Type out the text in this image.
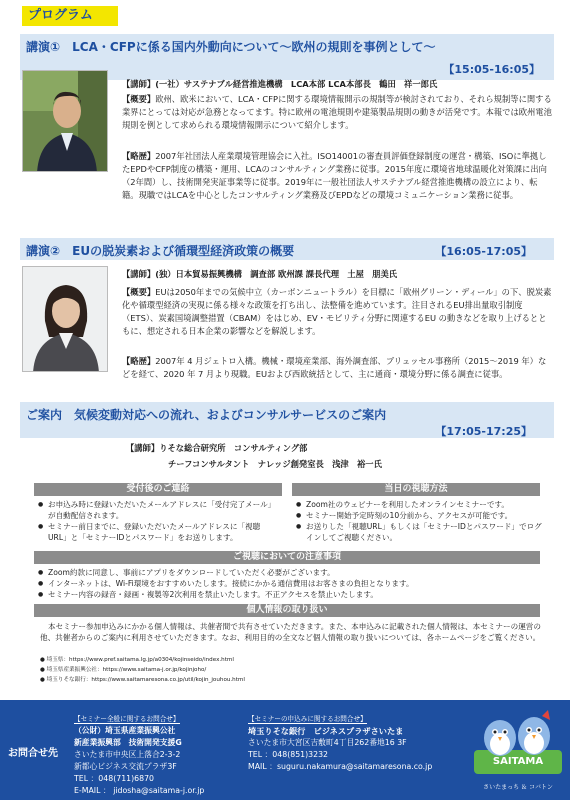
プログラム
講演①　LCA・CFPに係る国内外動向について～欧州の規則を事例として～
【15:05-16:05】
【講師】(一社）サステナブル経営推進機構　LCA本部 LCA本部長　鶴田　祥一郎氏
【概要】欧州、欧米において、LCA・CFPに関する環境情報開示の規制等が検討されており、それら規制等に関する業界にとっては対応が急務となってます。特に欧州の電池規則や建築製品規則の動きが活発です。本報では欧州電池規則を例として求められる環境情報開示について紹介します。
【略歴】2007年社団法人産業環境管理協会に入社。ISO14001の審査員評価登録制度の運営・構築、ISOに準拠したEPDやCFP制度の構築・運用、LCAのコンサルティング業務に従事。2015年度に環境省地球温暖化対策課に出向（2年間）し、技術開発実証事業等に従事。2019年に一般社団法人サステナブル経営推進機構の設立により、転籍。現職ではLCAを中心としたコンサルティング業務及びEPDなどの環境コミュニケーション業務に従事。
講演②　EUの脱炭素および循環型経済政策の概要	【16:05-17:05】
【講師】(独）日本貿易振興機構　調査部 欧州課 課長代理　土屋　朋美氏
【概要】EUは2050年までの気候中立（カーボンニュートラル）を目標に「欧州グリーン・ディール」の下、脱炭素化や循環型経済の実現に係る様々な政策を打ち出し、法整備を進めています。注目されるEU排出量取引制度（ETS）、炭素国境調整措置（CBAM）をはじめ、EV・モビリティ分野に関連するEU の動きなどを取り上げるとともに、想定される日本企業の影響などを解説します。
【略歴】2007年 4 月ジェトロ入構。機械・環境産業部、海外調査部、ブリュッセル事務所（2015～2019 年）などを経て、2020 年 7 月より現職。EUおよび西欧統括として、主に通商・環境分野に係る調査に従事。
ご案内　気候変動対応への流れ、およびコンサルサービスのご案内
【17:05-17:25】
【講師】りそな総合研究所　コンサルティング部
チーフコンサルタント　ナレッジ創発室長　浅津　裕一氏
受付後のご連絡
● お申込み時に登録いただいたメールアドレスに「受付完了メール」が自動配信されます。
● セミナー前日までに、登録いただいたメールアドレスに「視聴 URL」と「セミナーIDとパスワード」をお送りします。
当日の視聴方法
● Zoom社のウェビナーを利用したオンラインセミナーです。
● セミナー開始予定時刻の10分前から、アクセスが可能です。
● お送りした「視聴URL」もしくは「セミナーIDとパスワード」でログインしてご視聴ください。
ご視聴においての注意事項
● Zoom約款に同意し、事前にアプリをダウンロードしていただく必要がございます。
● インターネットは、Wi-Fi環境をおすすめいたします。接続にかかる通信費用はお客さまの負担となります。
● セミナー内容の録音・録画・複製等2次利用を禁止いたします。不正アクセスを禁止いたします。
個人情報の取り扱い
本セミナー参加申込みにかかる個人情報は、共催者間で共有させていただきます。また、本申込みに記載された個人情報は、本セミナーの運営の他、共催者からのご案内に利用させていただきます。なお、利用目的の全文など個人情報の取り扱いについては、各ホームページをご覧ください。
● 埼玉県：https://www.pref.saitama.lg.jp/a0304/kojinseido/index.html
● 埼玉県産業振興公社：https://www.saitama-j.or.jp/kojinjoho/
● 埼玉りそな銀行：https://www.saitamaresona.co.jp/util/kojin_jouhou.html
お問合せ先
【セミナー全般に関するお問合せ】
（公財）埼玉県産業振興公社
新産業振興部　技術開発支援G
さいたま市中央区上落合2-3-2
新都心ビジネス交流プラザ3F
TEL ：048(711)6870
E-MAIL ： jidosha@saitama-j.or.jp
【セミナーの申込みに関するお問合せ】
埼玉りそな銀行　ビジネスプラザさいたま
さいたま市大宮区吉敷町4丁目262番地16 3F
TEL ：048(851)3232
MAIL ：suguru.nakamura@saitamaresona.co.jp	SAITAMA
さいたまっち ＆ コバトン
